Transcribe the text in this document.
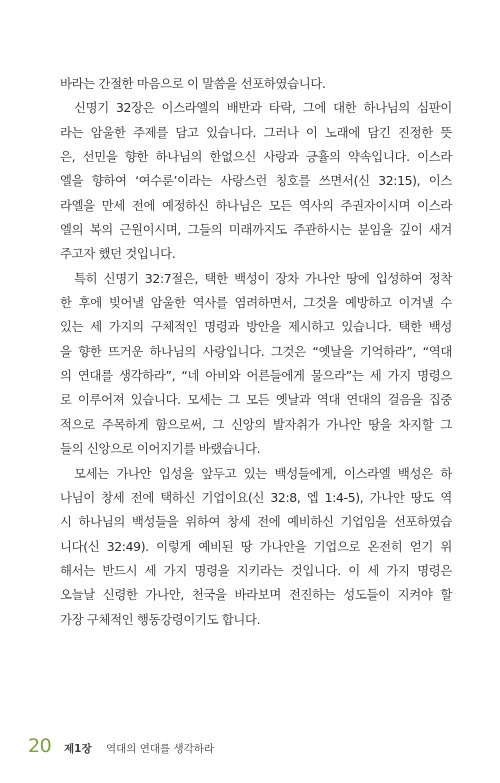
바라는 간절한 마음으로 이 말씀을 선포하였습니다.
신명기 32장은 이스라엘의 배반과 타락, 그에 대한 하나님의 심판이
라는 암울한 주제를 담고 있습니다. 그러나 이 노래에 담긴 진정한 뜻
은, 선민을 향한 하나님의 한없으신 사랑과 긍휼의 약속입니다. 이스라
엘을 향하여 ‘여수룬’이라는 사랑스런 칭호를 쓰면서(신 32:15), 이스
라엘을 만세 전에 예정하신 하나님은 모든 역사의 주권자이시며 이스라
엘의 복의 근원이시며, 그들의 미래까지도 주관하시는 분임을 깊이 새겨
주고자 했던 것입니다.
특히 신명기 32:7절은, 택한 백성이 장차 가나안 땅에 입성하여 정착
한 후에 빚어낼 암울한 역사를 염려하면서, 그것을 예방하고 이겨낼 수
있는 세 가지의 구체적인 명령과 방안을 제시하고 있습니다. 택한 백성
을 향한 뜨거운 하나님의 사랑입니다. 그것은 “옛날을 기억하라”, “역대
의 연대를 생각하라”, “네 아비와 어른들에게 물으라”는 세 가지 명령으
로 이루어져 있습니다. 모세는 그 모든 옛날과 역대 연대의 걸음을 집중
적으로 주목하게 함으로써, 그 신앙의 발자취가 가나안 땅을 차지할 그
들의 신앙으로 이어지기를 바랬습니다.
모세는 가나안 입성을 앞두고 있는 백성들에게, 이스라엘 백성은 하
나님이 창세 전에 택하신 기업이요(신 32:8, 엡 1:4-5), 가나안 땅도 역
시 하나님의 백성들을 위하여 창세 전에 예비하신 기업임을 선포하였습
니다(신 32:49). 이렇게 예비된 땅 가나안을 기업으로 온전히 얻기 위
해서는 반드시 세 가지 명령을 지키라는 것입니다. 이 세 가지 명령은
오늘날 신령한 가나안, 천국을 바라보며 전진하는 성도들이 지켜야 할
가장 구체적인 행동강령이기도 합니다.
20 제1장 역대의 연대를 생각하라
